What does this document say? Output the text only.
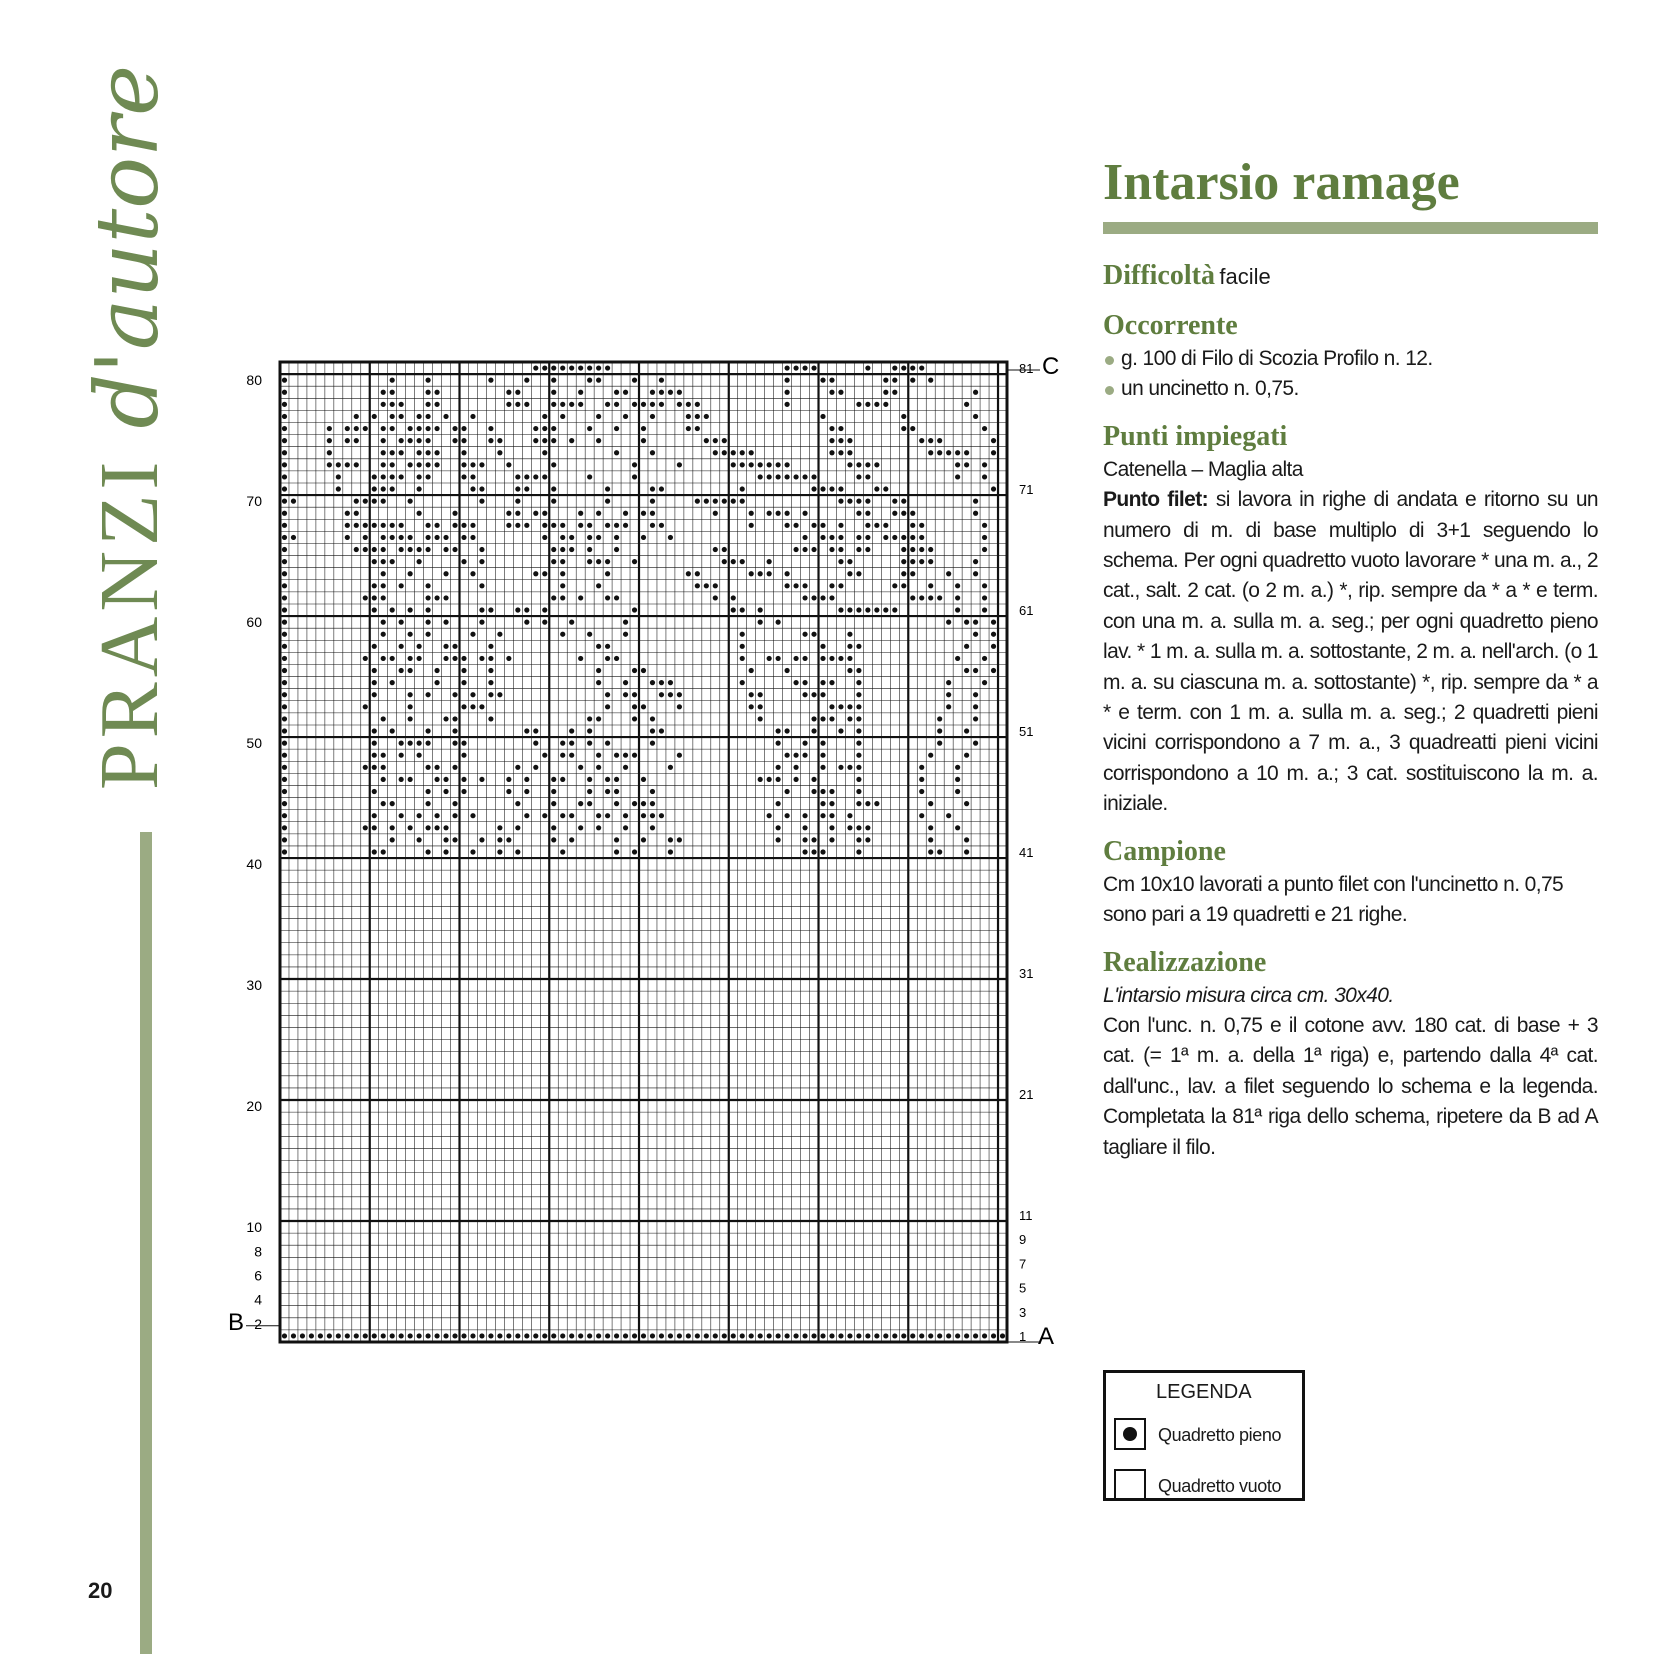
PRANZId'autore
20
80
70
60
50
40
30
20
10
8
6
4
2
81
71
61
51
41
31
21
11
9
7
5
3
1
C
B
A
Intarsio ramage
Difficoltà facile
Occorrente
g. 100 di Filo di Scozia Profilo n. 12.
un uncinetto n. 0,75.
Punti impiegati

Catenella – Maglia alta

Punto filet: si lavora in righe di andata e ritorno su un numero di m. di base multiplo di 3+1 seguendo lo schema. Per ogni quadretto vuoto lavorare * una m. a., 2 cat., salt. 2 cat. (o 2 m. a.) *, rip. sempre da * a * e term. con una m. a. sulla m. a. seg.; per ogni quadretto pieno lav. * 1 m. a. sulla m. a. sottostante, 2 m. a. nell'arch. (o 1 m. a. su ciascuna m. a. sottostante) *, rip. sempre da * a * e term. con 1 m. a. sulla m. a. seg.; 2 quadretti pieni vicini corrispondono a 7 m. a., 3 quadreatti pieni vicini corrispondono a 10 m. a.; 3 cat. sostituiscono la m. a. iniziale.

Campione

Cm 10x10 lavorati a punto filet con l'uncinetto n. 0,75 sono pari a 19 quadretti e 21 righe.

Realizzazione

L'intarsio misura circa cm. 30x40.

Con l'unc. n. 0,75 e il cotone avv. 180 cat. di base + 3 cat. (= 1ª m. a. della 1ª riga) e, partendo dalla 4ª cat. dall'unc., lav. a filet seguendo lo schema e la legenda. Completata la 81ª riga dello schema, ripetere da B ad A tagliare il filo.

LEGENDA
Quadretto pieno
Quadretto vuoto
